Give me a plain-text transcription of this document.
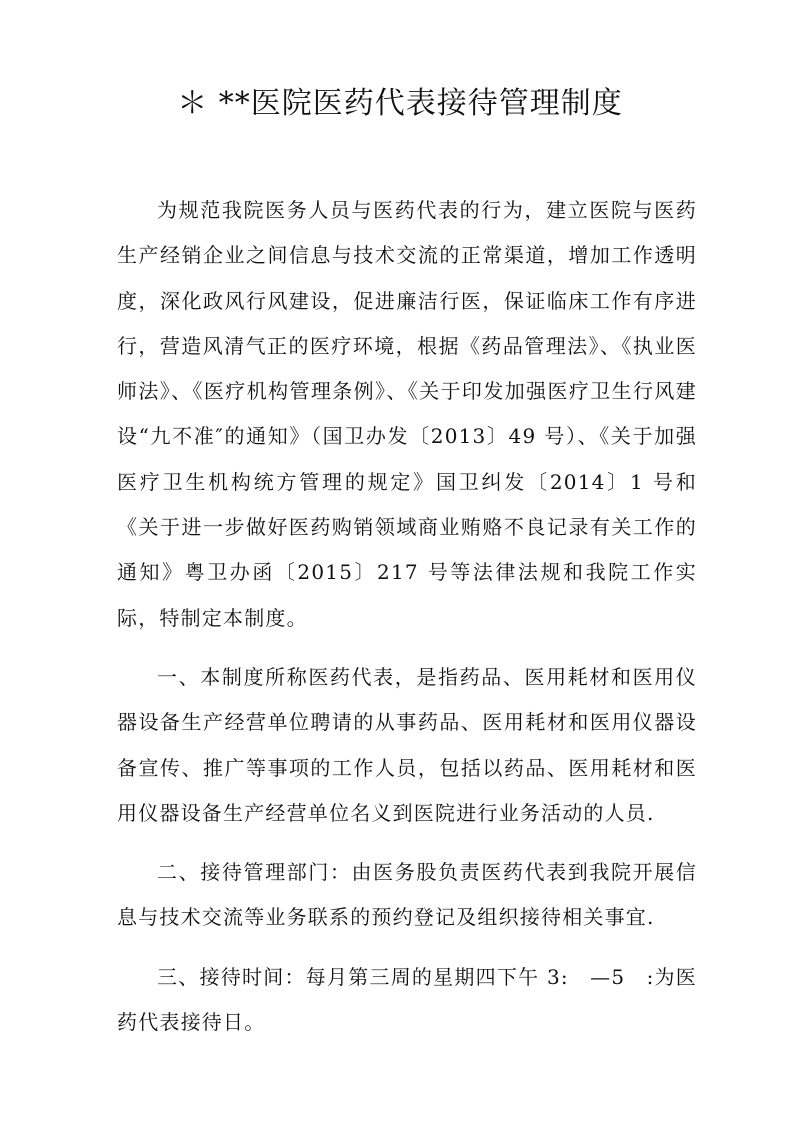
＊ **医院医药代表接待管理制度

为规范我院医务人员与医药代表的行为，建立医院与医药生产经销企业之间信息与技术交流的正常渠道，增加工作透明度，深化政风行风建设，促进廉洁行医，保证临床工作有序进行，营造风清气正的医疗环境，根据《药品管理法》、《执业医师法》、《医疗机构管理条例》、《关于印发加强医疗卫生行风建设“九不准″的通知》（国卫办发〔2013〕49 号）、《关于加强医疗卫生机构统方管理的规定》国卫纠发〔2014〕1 号和《关于进一步做好医药购销领域商业贿赂不良记录有关工作的通知》粤卫办函〔2015〕217 号等法律法规和我院工作实际，特制定本制度。

一、本制度所称医药代表，是指药品、医用耗材和医用仪器设备生产经营单位聘请的从事药品、医用耗材和医用仪器设备宣传、推广等事项的工作人员，包括以药品、医用耗材和医用仪器设备生产经营单位名义到医院进行业务活动的人员.

二、接待管理部门：由医务股负责医药代表到我院开展信息与技术交流等业务联系的预约登记及组织接待相关事宜.

三、接待时间：每月第三周的星期四下午 3:　—5　:为医药代表接待日。
